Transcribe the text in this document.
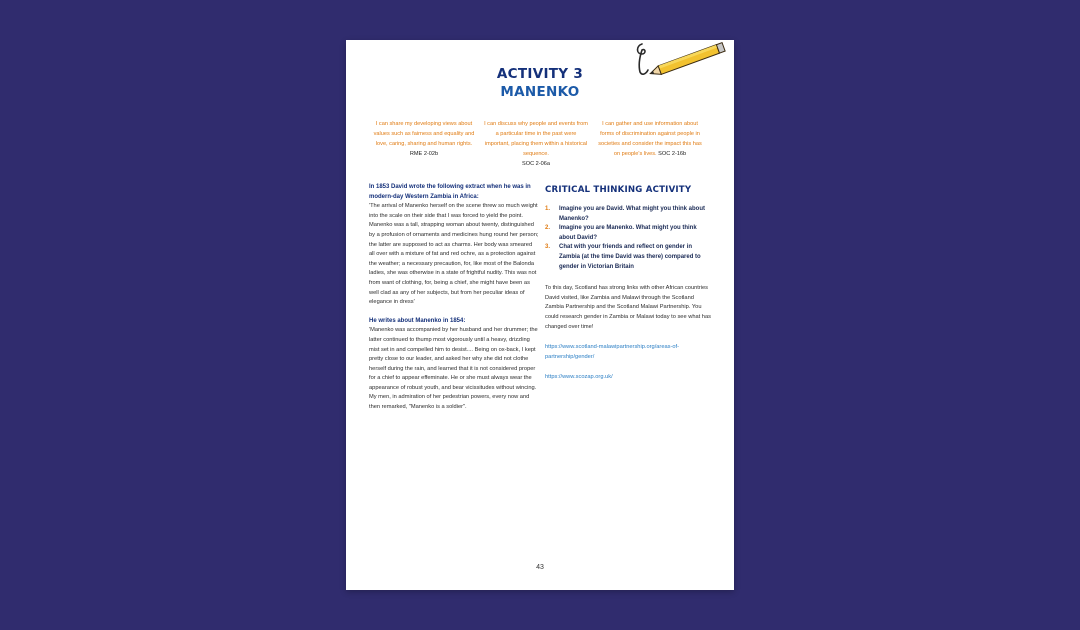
ACTIVITY 3
MANENKO
I can share my developing views about values such as fairness and equality and love, caring, sharing and human rights. RME 2-02b
I can discuss why people and events from a particular time in the past were important, placing them within a historical sequence.
SOC 2-06a
I can gather and use information about forms of discrimination against people in societies and consider the impact this has on people's lives. SOC 2-16b
In 1853 David wrote the following extract when he was in modern-day Western Zambia in Africa:
'The arrival of Manenko herself on the scene threw so much weight into the scale on their side that I was forced to yield the point. Manenko was a tall, strapping woman about twenty, distinguished by a profusion of ornaments and medicines hung round her person; the latter are supposed to act as charms. Her body was smeared all over with a mixture of fat and red ochre, as a protection against the weather; a necessary precaution, for, like most of the Balonda ladies, she was otherwise in a state of frightful nudity. This was not from want of clothing, for, being a chief, she might have been as well clad as any of her subjects, but from her peculiar ideas of elegance in dress'
He writes about Manenko in 1854:
'Manenko was accompanied by her husband and her drummer; the latter continued to thump most vigorously until a heavy, drizzling mist set in and compelled him to desist.... Being on ox-back, I kept pretty close to our leader, and asked her why she did not clothe herself during the rain, and learned that it is not considered proper for a chief to appear effeminate. He or she must always wear the appearance of robust youth, and bear vicissitudes without wincing. My men, in admiration of her pedestrian powers, every now and then remarked, "Manenko is a soldier".
CRITICAL THINKING ACTIVITY
1. Imagine you are David. What might you think about Manenko?
2. Imagine you are Manenko. What might you think about David?
3. Chat with your friends and reflect on gender in Zambia (at the time David was there) compared to gender in Victorian Britain
To this day, Scotland has strong links with other African countries David visited, like Zambia and Malawi through the Scotland Zambia Partnership and the Scotland Malawi Partnership. You could research gender in Zambia or Malawi today to see what has changed over time!
https://www.scotland-malawipartnership.org/areas-of-partnership/gender/
https://www.scozap.org.uk/
43
